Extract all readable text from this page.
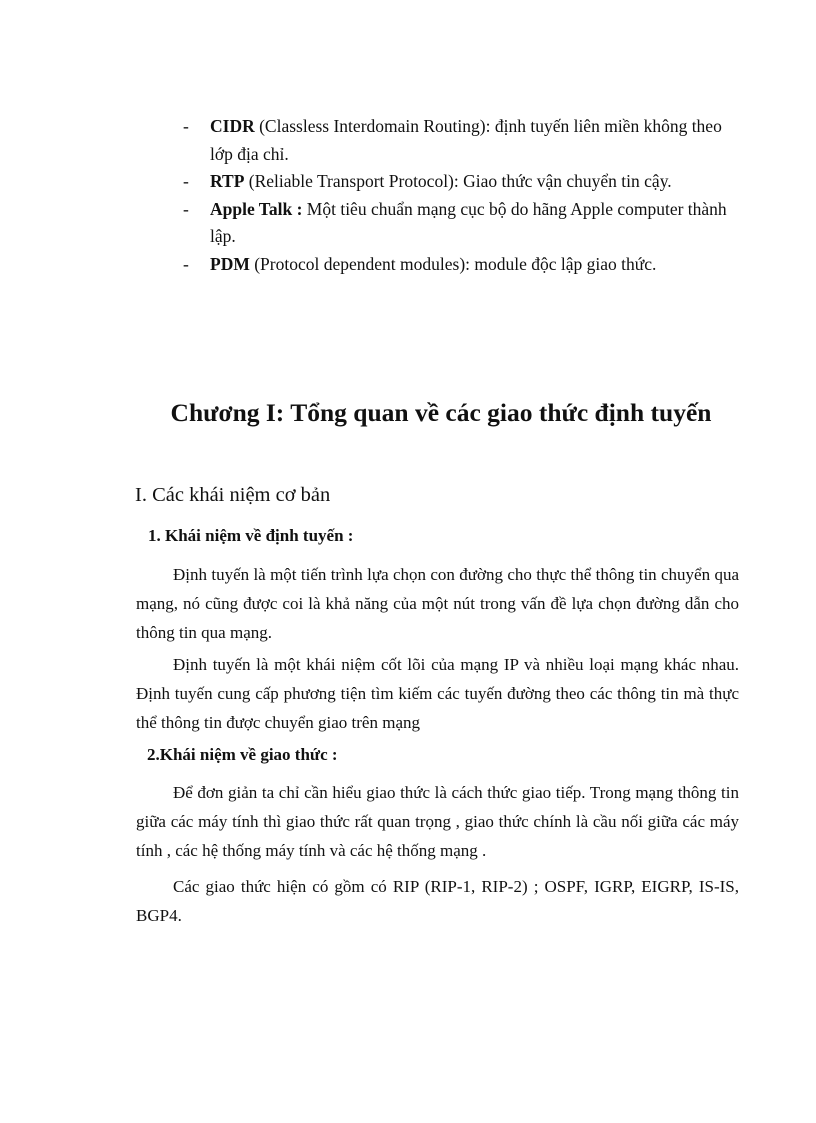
- CIDR (Classless Interdomain Routing): định tuyến liên miền không theo lớp địa chỉ.
- RTP (Reliable Transport Protocol): Giao thức vận chuyển tin cậy.
- Apple Talk : Một tiêu chuẩn mạng cục bộ do hãng Apple computer thành lập.
- PDM (Protocol dependent modules): module độc lập giao thức.
Chương I: Tổng quan về các giao thức định tuyến
I. Các khái niệm cơ bản
1. Khái niệm về định tuyến :

Định tuyến là một tiến trình lựa chọn con đường cho thực thể thông tin chuyển qua mạng, nó cũng được coi là khả năng của một nút trong vấn đề lựa chọn đường dẫn cho thông tin qua mạng.

Định tuyến là một khái niệm cốt lõi của mạng IP và nhiều loại mạng khác nhau. Định tuyến cung cấp phương tiện tìm kiếm các tuyến đường theo các thông tin mà thực thể thông tin được chuyển giao trên mạng

2.Khái niệm về giao thức :

Để đơn giản ta chỉ cần hiểu giao thức là cách thức giao tiếp. Trong mạng thông tin giữa các máy tính thì giao thức rất quan trọng , giao thức chính là cầu nối giữa các máy tính , các hệ thống máy tính và các hệ thống mạng .

Các giao thức hiện có gồm có RIP (RIP-1, RIP-2) ; OSPF, IGRP, EIGRP, IS-IS, BGP4.
